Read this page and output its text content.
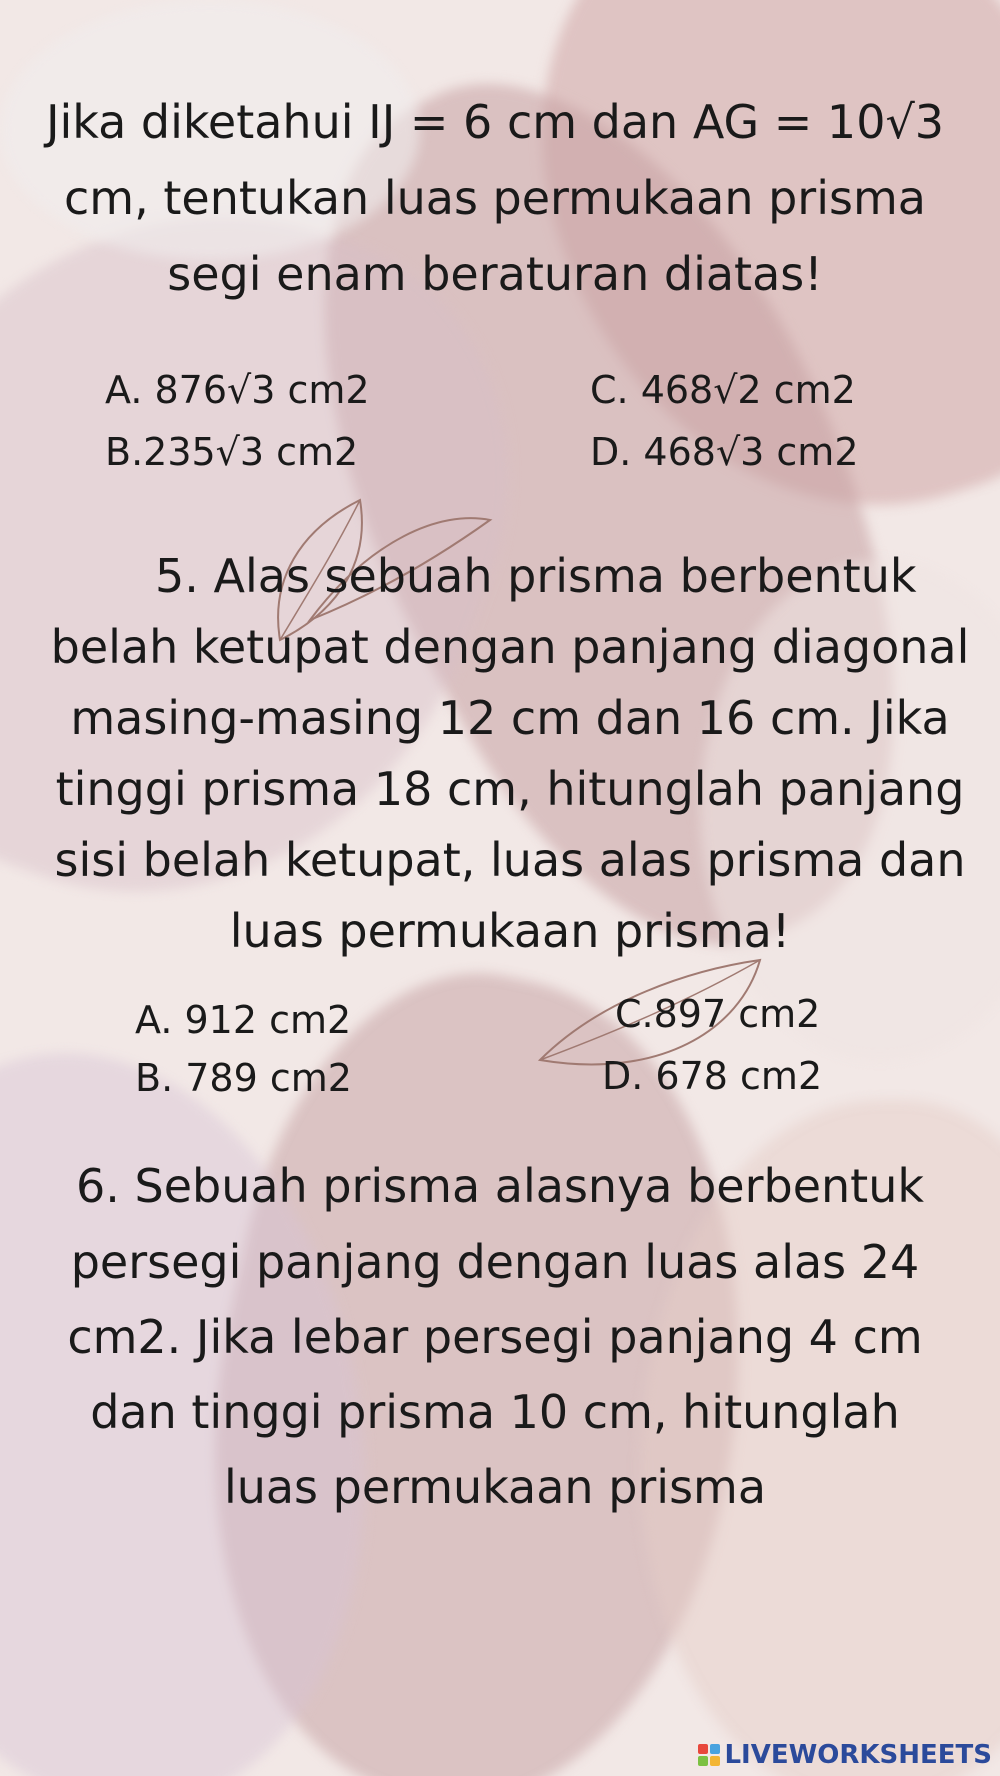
Jika diketahui IJ = 6 cm dan AG = 10√3
cm, tentukan luas permukaan prisma
segi enam beraturan diatas!
A. 876√3 cm2
B.235√3 cm2
C. 468√2 cm2
D. 468√3 cm2
5. Alas sebuah prisma berbentuk
belah ketupat dengan panjang diagonal
masing-masing 12 cm dan 16 cm. Jika
tinggi prisma 18 cm, hitunglah panjang
sisi belah ketupat, luas alas prisma dan
luas permukaan prisma!
A. 912 cm2
B. 789 cm2
C.897 cm2
D. 678 cm2
6. Sebuah prisma alasnya berbentuk
persegi panjang dengan luas alas 24
cm2. Jika lebar persegi panjang 4 cm
dan tinggi prisma 10 cm, hitunglah
luas permukaan prisma
LIVEWORKSHEETS
